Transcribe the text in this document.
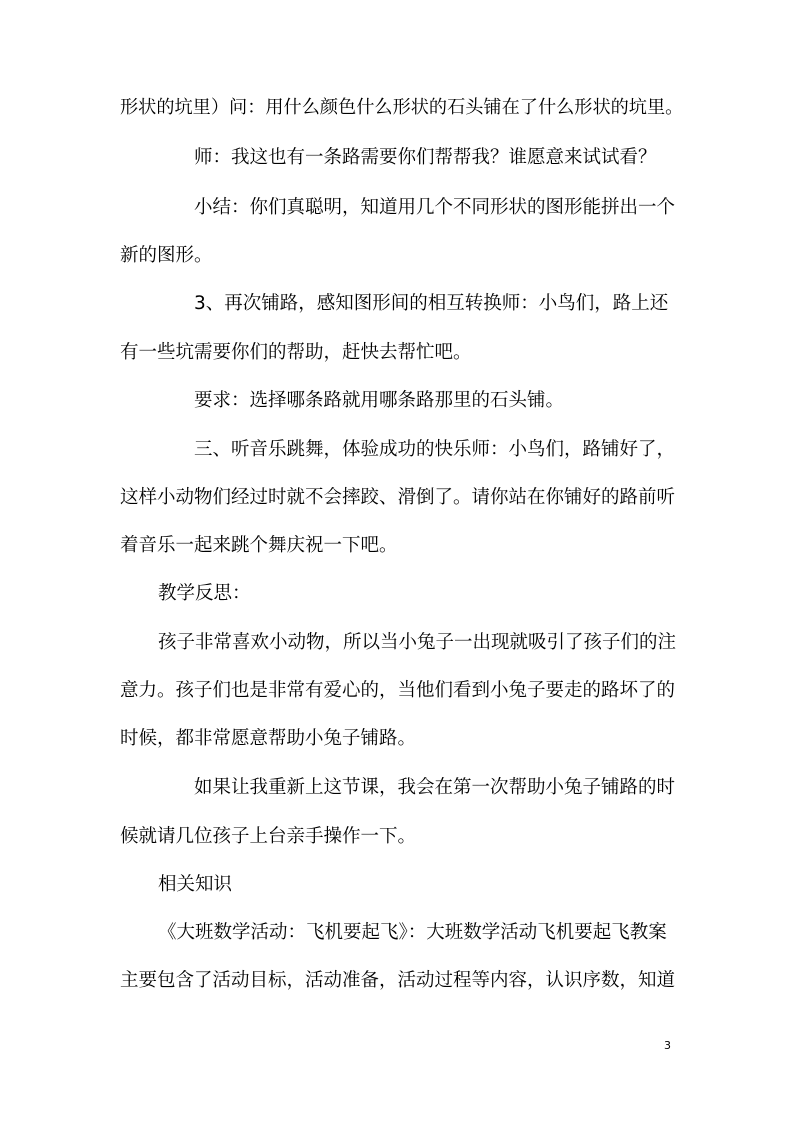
形状的坑里）问：用什么颜色什么形状的石头铺在了什么形状的坑里。
师：我这也有一条路需要你们帮帮我？谁愿意来试试看？
小结：你们真聪明，知道用几个不同形状的图形能拼出一个
新的图形。
3、再次铺路，感知图形间的相互转换师：小鸟们，路上还
有一些坑需要你们的帮助，赶快去帮忙吧。
要求：选择哪条路就用哪条路那里的石头铺。
三、听音乐跳舞，体验成功的快乐师：小鸟们，路铺好了，
这样小动物们经过时就不会摔跤、滑倒了。请你站在你铺好的路前听
着音乐一起来跳个舞庆祝一下吧。
教学反思：
孩子非常喜欢小动物，所以当小兔子一出现就吸引了孩子们的注
意力。孩子们也是非常有爱心的，当他们看到小兔子要走的路坏了的
时候，都非常愿意帮助小兔子铺路。
如果让我重新上这节课，我会在第一次帮助小兔子铺路的时
候就请几位孩子上台亲手操作一下。
相关知识
《大班数学活动：飞机要起飞》：大班数学活动飞机要起飞教案
主要包含了活动目标，活动准备，活动过程等内容，认识序数，知道
3
